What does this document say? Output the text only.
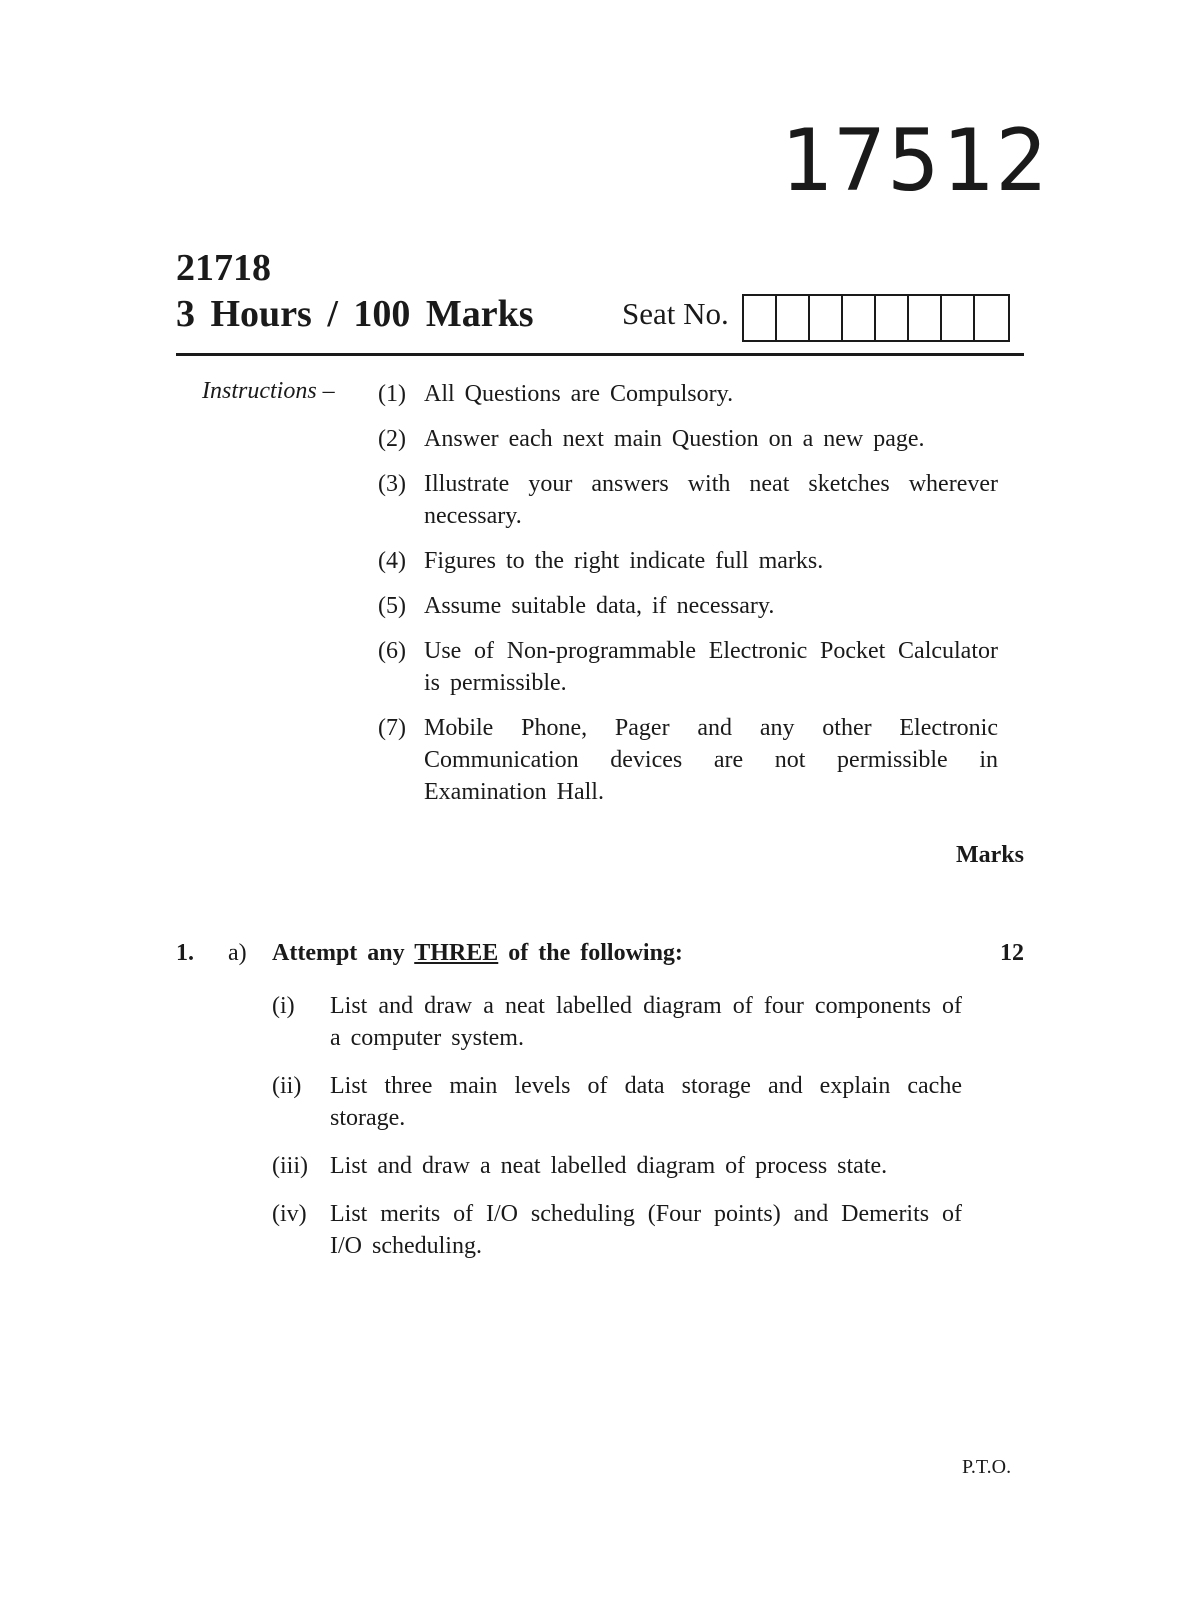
17512
21718
3 Hours / 100 Marks	Seat No.
Instructions – (1) All Questions are Compulsory.
(2) Answer each next main Question on a new page.
(3) Illustrate your answers with neat sketches wherever necessary.
(4) Figures to the right indicate full marks.
(5) Assume suitable data, if necessary.
(6) Use of Non-programmable Electronic Pocket Calculator is permissible.
(7) Mobile Phone, Pager and any other Electronic Communication devices are not permissible in Examination Hall.
Marks
1. a) Attempt any THREE of the following:	12
(i) List and draw a neat labelled diagram of four components of a computer system.
(ii) List three main levels of data storage and explain cache storage.
(iii) List and draw a neat labelled diagram of process state.
(iv) List merits of I/O scheduling (Four points) and Demerits of I/O scheduling.
P.T.O.
